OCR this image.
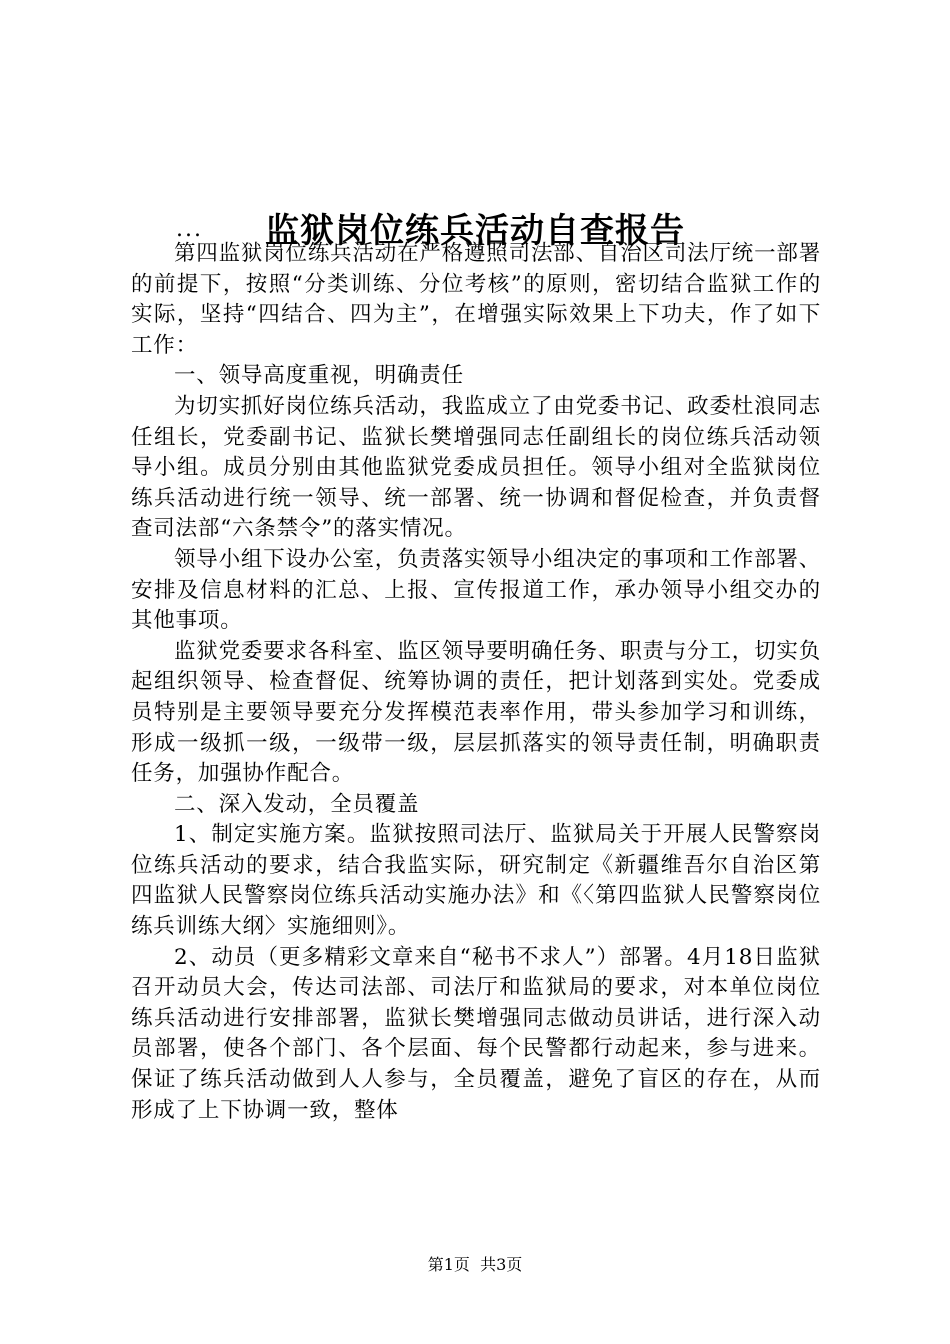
监狱岗位练兵活动自查报告
...

第四监狱岗位练兵活动在严格遵照司法部、自治区司法厅统一部署的前提下，按照“分类训练、分位考核”的原则，密切结合监狱工作的实际，坚持“四结合、四为主”，在增强实际效果上下功夫，作了如下工作：

一、领导高度重视，明确责任

为切实抓好岗位练兵活动，我监成立了由党委书记、政委杜浪同志任组长，党委副书记、监狱长樊增强同志任副组长的岗位练兵活动领导小组。成员分别由其他监狱党委成员担任。领导小组对全监狱岗位练兵活动进行统一领导、统一部署、统一协调和督促检查，并负责督查司法部“六条禁令”的落实情况。

领导小组下设办公室，负责落实领导小组决定的事项和工作部署、安排及信息材料的汇总、上报、宣传报道工作，承办领导小组交办的其他事项。

监狱党委要求各科室、监区领导要明确任务、职责与分工，切实负起组织领导、检查督促、统筹协调的责任，把计划落到实处。党委成员特别是主要领导要充分发挥模范表率作用，带头参加学习和训练，形成一级抓一级，一级带一级，层层抓落实的领导责任制，明确职责任务，加强协作配合。

二、深入发动，全员覆盖

1、制定实施方案。监狱按照司法厅、监狱局关于开展人民警察岗位练兵活动的要求，结合我监实际，研究制定《新疆维吾尔自治区第四监狱人民警察岗位练兵活动实施办法》和《〈第四监狱人民警察岗位练兵训练大纲〉实施细则》。

2、动员（更多精彩文章来自“秘书不求人”）部署。4月18日监狱召开动员大会，传达司法部、司法厅和监狱局的要求，对本单位岗位练兵活动进行安排部署，监狱长樊增强同志做动员讲话，进行深入动员部署，使各个部门、各个层面、每个民警都行动起来，参与进来。保证了练兵活动做到人人参与，全员覆盖，避免了盲区的存在，从而形成了上下协调一致，整体

第1页  共3页
